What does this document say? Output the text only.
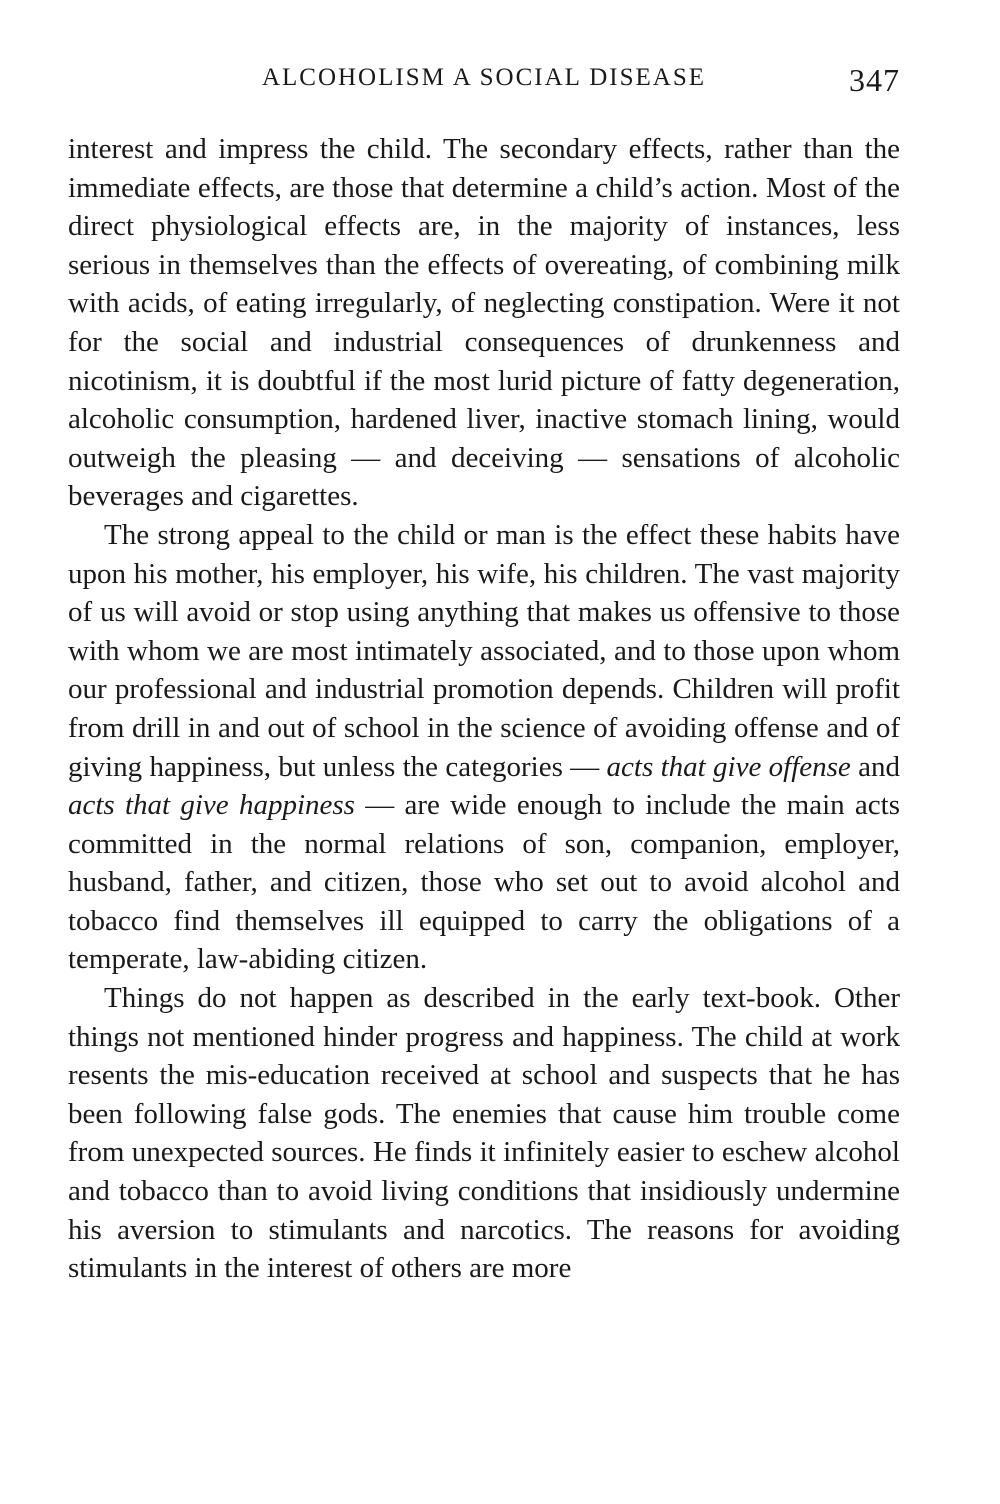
ALCOHOLISM A SOCIAL DISEASE	347

interest and impress the child. The secondary effects, rather than the immediate effects, are those that determine a child’s action. Most of the direct physiological effects are, in the majority of instances, less serious in themselves than the effects of overeating, of combining milk with acids, of eating irregularly, of neglecting constipation. Were it not for the social and industrial consequences of drunkenness and nicotinism, it is doubtful if the most lurid picture of fatty degeneration, alcoholic consumption, hardened liver, inactive stomach lining, would outweigh the pleasing — and deceiving — sensations of alcoholic beverages and cigarettes.

The strong appeal to the child or man is the effect these habits have upon his mother, his employer, his wife, his children. The vast majority of us will avoid or stop using anything that makes us offensive to those with whom we are most intimately associated, and to those upon whom our professional and industrial promotion depends. Children will profit from drill in and out of school in the science of avoiding offense and of giving happiness, but unless the categories — acts that give offense and acts that give happiness — are wide enough to include the main acts committed in the normal relations of son, companion, employer, husband, father, and citizen, those who set out to avoid alcohol and tobacco find themselves ill equipped to carry the obligations of a temperate, law-abiding citizen.

Things do not happen as described in the early text-book. Other things not mentioned hinder progress and happiness. The child at work resents the mis-education received at school and suspects that he has been following false gods. The enemies that cause him trouble come from unexpected sources. He finds it infinitely easier to eschew alcohol and tobacco than to avoid living conditions that insidiously undermine his aversion to stimulants and narcotics. The reasons for avoiding stimulants in the interest of others are more
